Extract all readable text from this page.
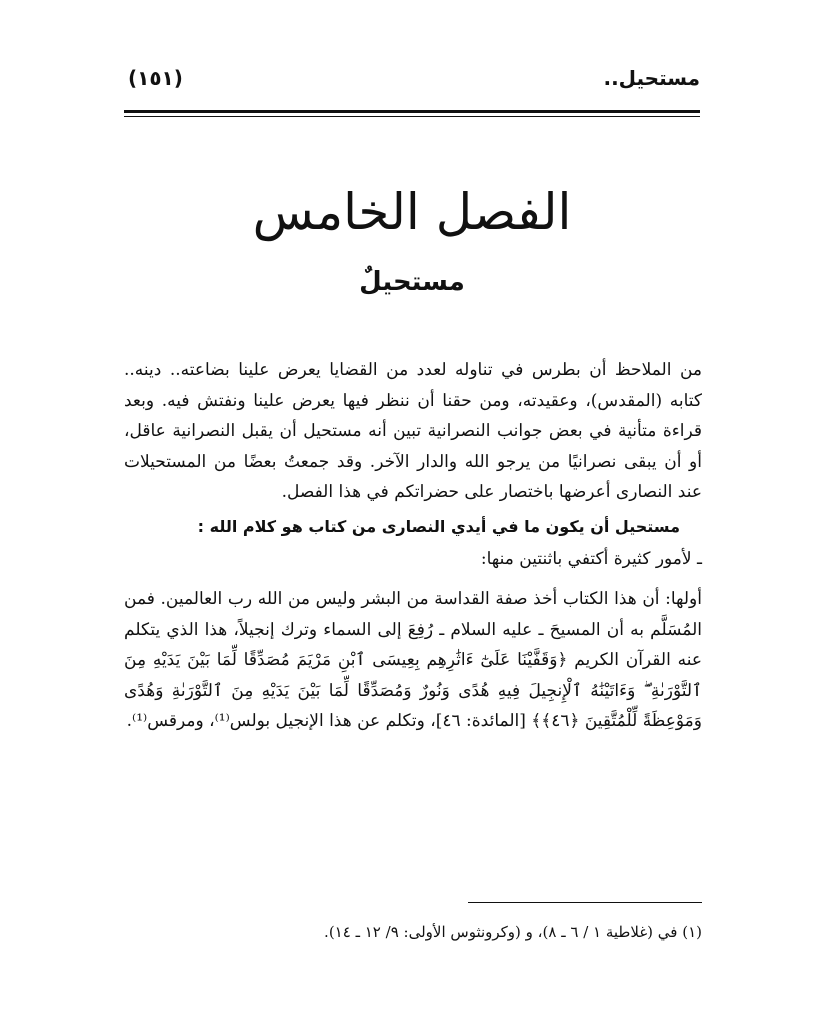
مستحيل..
(١٥١)
الفصل الخامس
مستحيلٌ

من الملاحظ أن بطرس في تناوله لعدد من القضايا يعرض علينا بضاعته.. دينه.. كتابه (المقدس)، وعقيدته، ومن حقنا أن ننظر فيها يعرض علينا ونفتش فيه. وبعد قراءة متأنية في بعض جوانب النصرانية تبين أنه مستحيل أن يقبل النصرانية عاقل، أو أن يبقى نصرانيًا من يرجو الله والدار الآخر. وقد جمعتُ بعضًا من المستحيلات عند النصارى أعرضها باختصار على حضراتكم في هذا الفصل.

مستحيل أن يكون ما في أيدي النصارى من كتاب هو كلام الله :

ـ لأمور كثيرة أكتفي باثنتين منها:

أولها: أن هذا الكتاب أخذ صفة القداسة من البشر وليس من الله رب العالمين. فمن المُسَلَّم به أن المسيحَ ـ عليه السلام ـ رُفِعَ إلى السماء وترك إنجيلاً، هذا الذي يتكلم عنه القرآن الكريم ﴿وَقَفَّيْنَا عَلَىٰٓ ءَاثَٰرِهِم بِعِيسَى ٱبْنِ مَرْيَمَ مُصَدِّقًا لِّمَا بَيْنَ يَدَيْهِ مِنَ ٱلتَّوْرَىٰةِ ۖ وَءَاتَيْنَٰهُ ٱلْإِنجِيلَ فِيهِ هُدًى وَنُورٌ وَمُصَدِّقًا لِّمَا بَيْنَ يَدَيْهِ مِنَ ٱلتَّوْرَىٰةِ وَهُدًى وَمَوْعِظَةً لِّلْمُتَّقِينَ ﴿٤٦﴾﴾ [المائدة: ٤٦]، وتكلم عن هذا الإنجيل بولس⁽¹⁾، ومرقس⁽¹⁾.

(١) في (غلاطية ١ / ٦ ـ ٨)، و (وكرونثوس الأولى: ٩/ ١٢ ـ ١٤).
